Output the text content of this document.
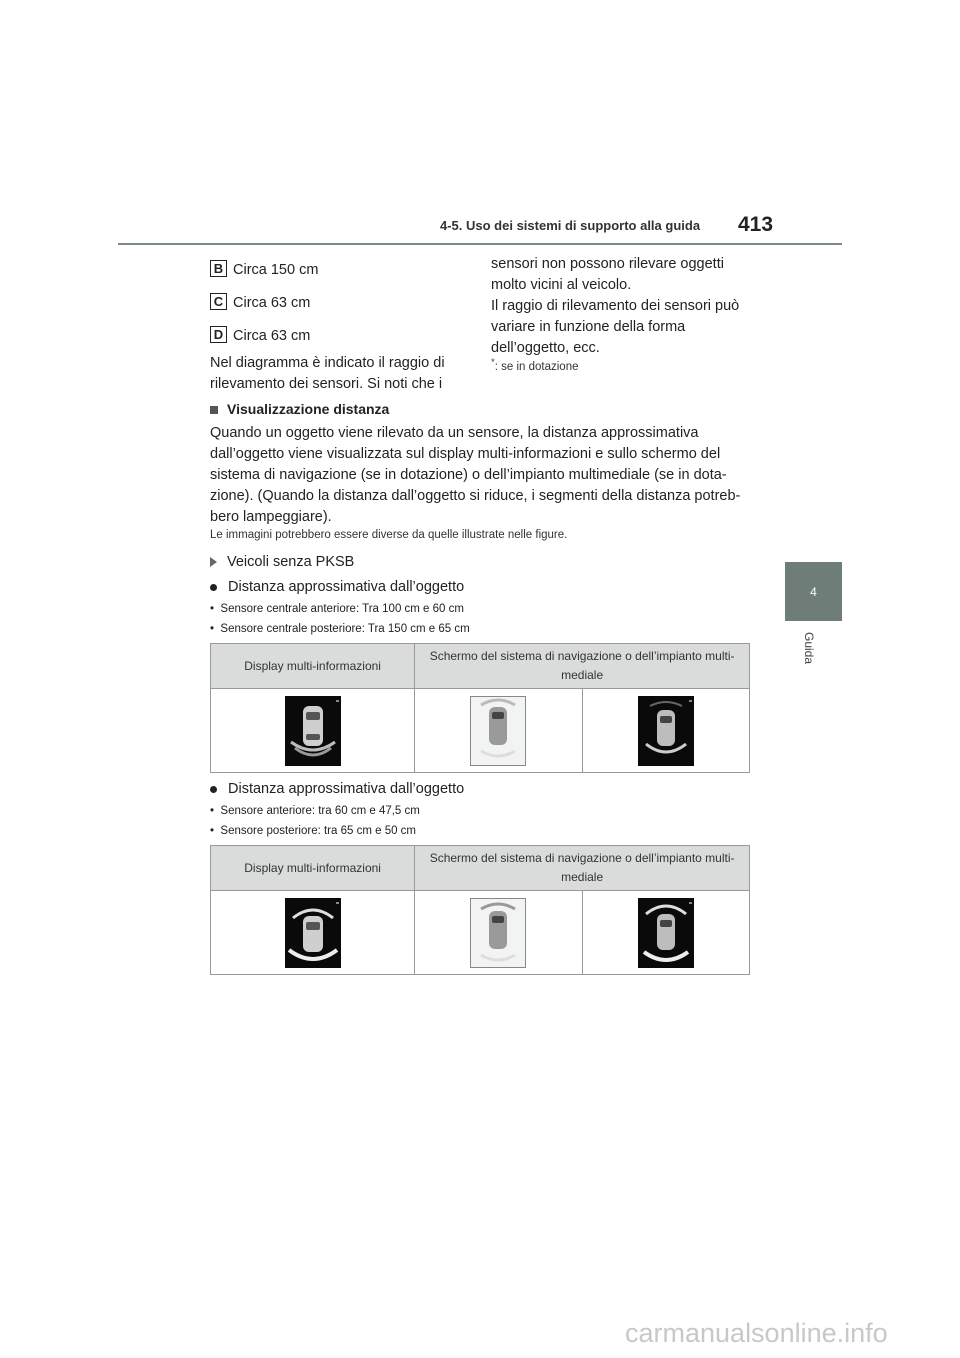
4-5. Uso dei sistemi di supporto alla guida 413
4
Guida
B Circa 150 cm
C Circa 63 cm
D Circa 63 cm
Nel diagramma è indicato il raggio di
rilevamento dei sensori. Si noti che i
sensori non possono rilevare oggetti
molto vicini al veicolo.
Il raggio di rilevamento dei sensori può
variare in funzione della forma
dell’oggetto, ecc.
*: se in dotazione
Visualizzazione distanza
Quando un oggetto viene rilevato da un sensore, la distanza approssimativa
dall’oggetto viene visualizzata sul display multi-informazioni e sullo schermo del
sistema di navigazione (se in dotazione) o dell’impianto multimediale (se in dota-
zione). (Quando la distanza dall’oggetto si riduce, i segmenti della distanza potreb-
bero lampeggiare).
Le immagini potrebbero essere diverse da quelle illustrate nelle figure.
Veicoli senza PKSB
Distanza approssimativa dall’oggetto
•  Sensore centrale anteriore: Tra 100 cm e 60 cm
•  Sensore centrale posteriore: Tra 150 cm e 65 cm
Display multi-informazioni	Schermo del sistema di navigazione o dell’impianto multi-
mediale	

Distanza approssimativa dall’oggetto
•  Sensore anteriore: tra 60 cm e 47,5 cm
•  Sensore posteriore: tra 65 cm e 50 cm
Display multi-informazioni	Schermo del sistema di navigazione o dell’impianto multi-
mediale	

carmanualsonline.info
